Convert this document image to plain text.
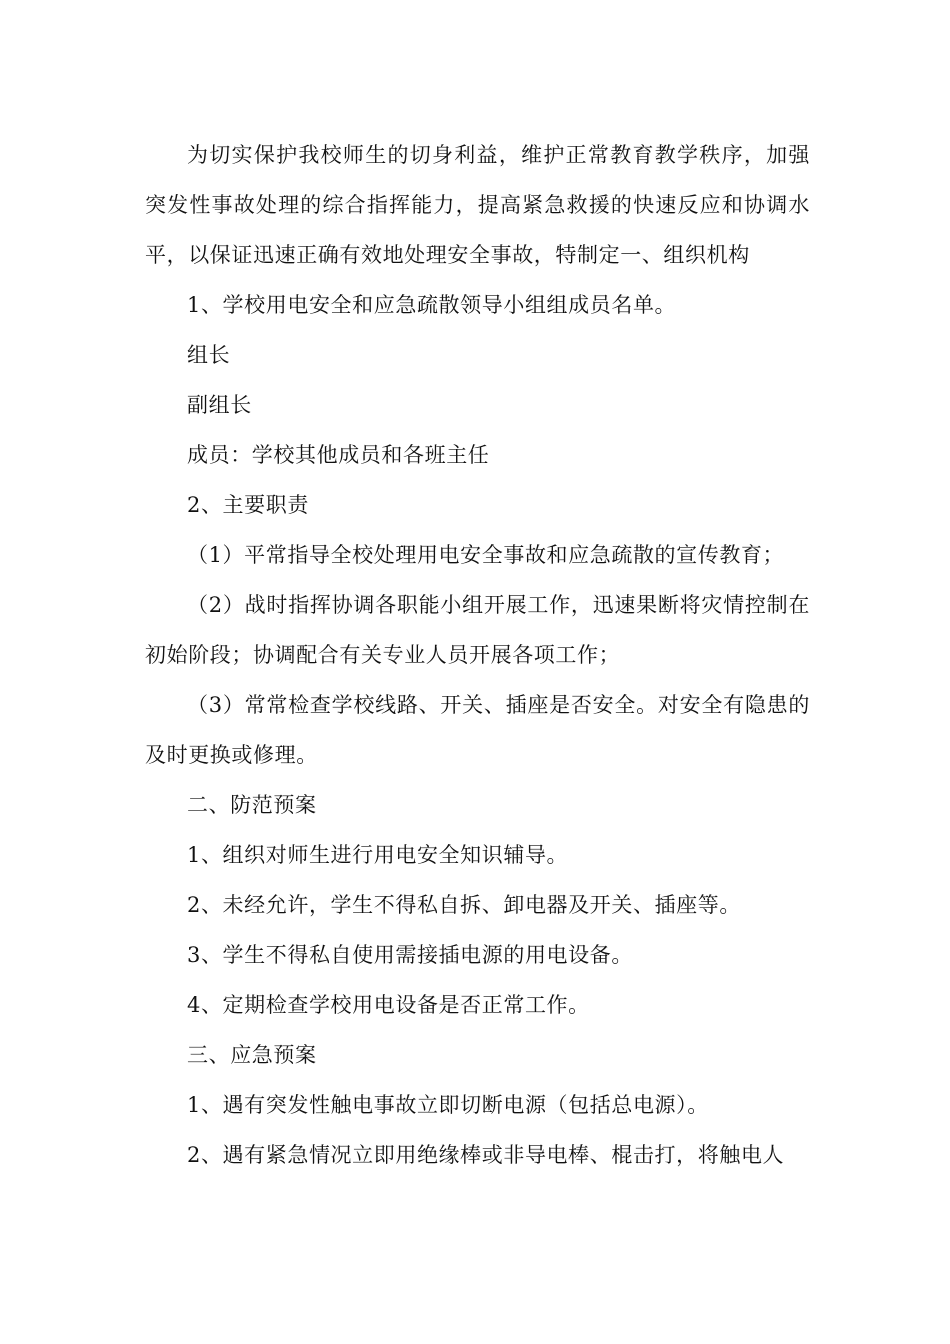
为切实保护我校师生的切身利益，维护正常教育教学秩序，加强突发性事故处理的综合指挥能力，提高紧急救援的快速反应和协调水平，以保证迅速正确有效地处理安全事故，特制定一、组织机构

1、学校用电安全和应急疏散领导小组组成员名单。

组长

副组长

成员：学校其他成员和各班主任

2、主要职责

（1）平常指导全校处理用电安全事故和应急疏散的宣传教育；

（2）战时指挥协调各职能小组开展工作，迅速果断将灾情控制在初始阶段；协调配合有关专业人员开展各项工作；

（3）常常检查学校线路、开关、插座是否安全。对安全有隐患的及时更换或修理。

二、防范预案

1、组织对师生进行用电安全知识辅导。

2、未经允许，学生不得私自拆、卸电器及开关、插座等。

3、学生不得私自使用需接插电源的用电设备。

4、定期检查学校用电设备是否正常工作。

三、应急预案

1、遇有突发性触电事故立即切断电源（包括总电源）。

2、遇有紧急情况立即用绝缘棒或非导电棒、棍击打，将触电人
